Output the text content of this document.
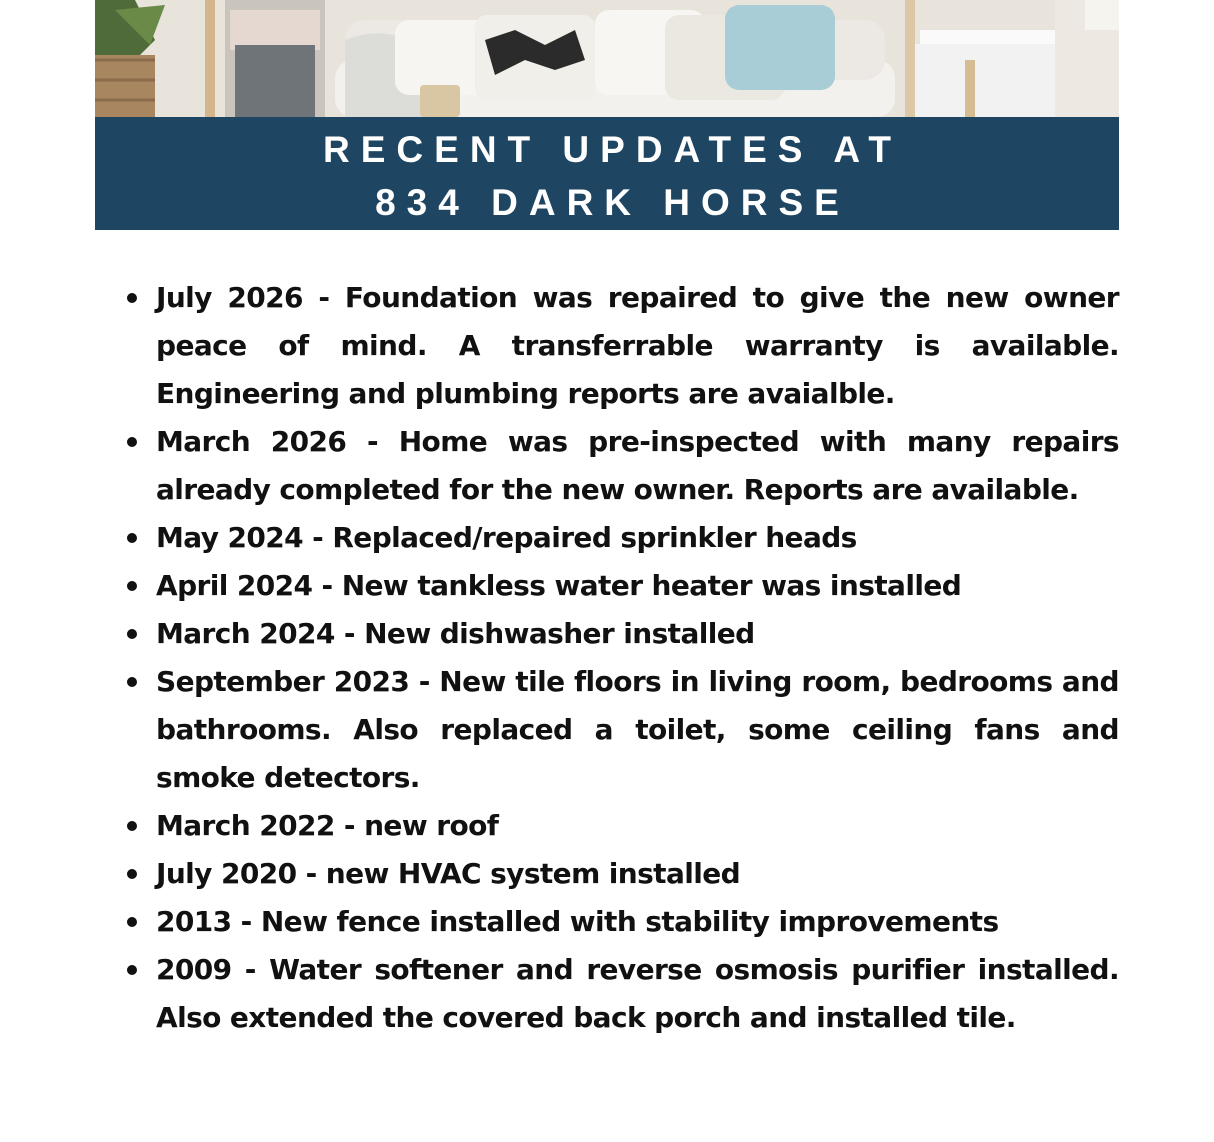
RECENT UPDATES AT
834 DARK HORSE
July 2026 - Foundation was repaired to give the new owner peace of mind. A transferrable warranty is available. Engineering and plumbing reports are avaialble.
March 2026 - Home was pre-inspected with many repairs already completed for the new owner. Reports are available.
May 2024 - Replaced/repaired sprinkler heads
April 2024 - New tankless water heater was installed
March 2024 - New dishwasher installed
September 2023 - New tile floors in living room, bedrooms and bathrooms. Also replaced a toilet, some ceiling fans and smoke detectors.
March 2022 - new roof
July 2020 - new HVAC system installed
2013 - New fence installed with stability improvements
2009 - Water softener and reverse osmosis purifier installed. Also extended the covered back porch and installed tile.
